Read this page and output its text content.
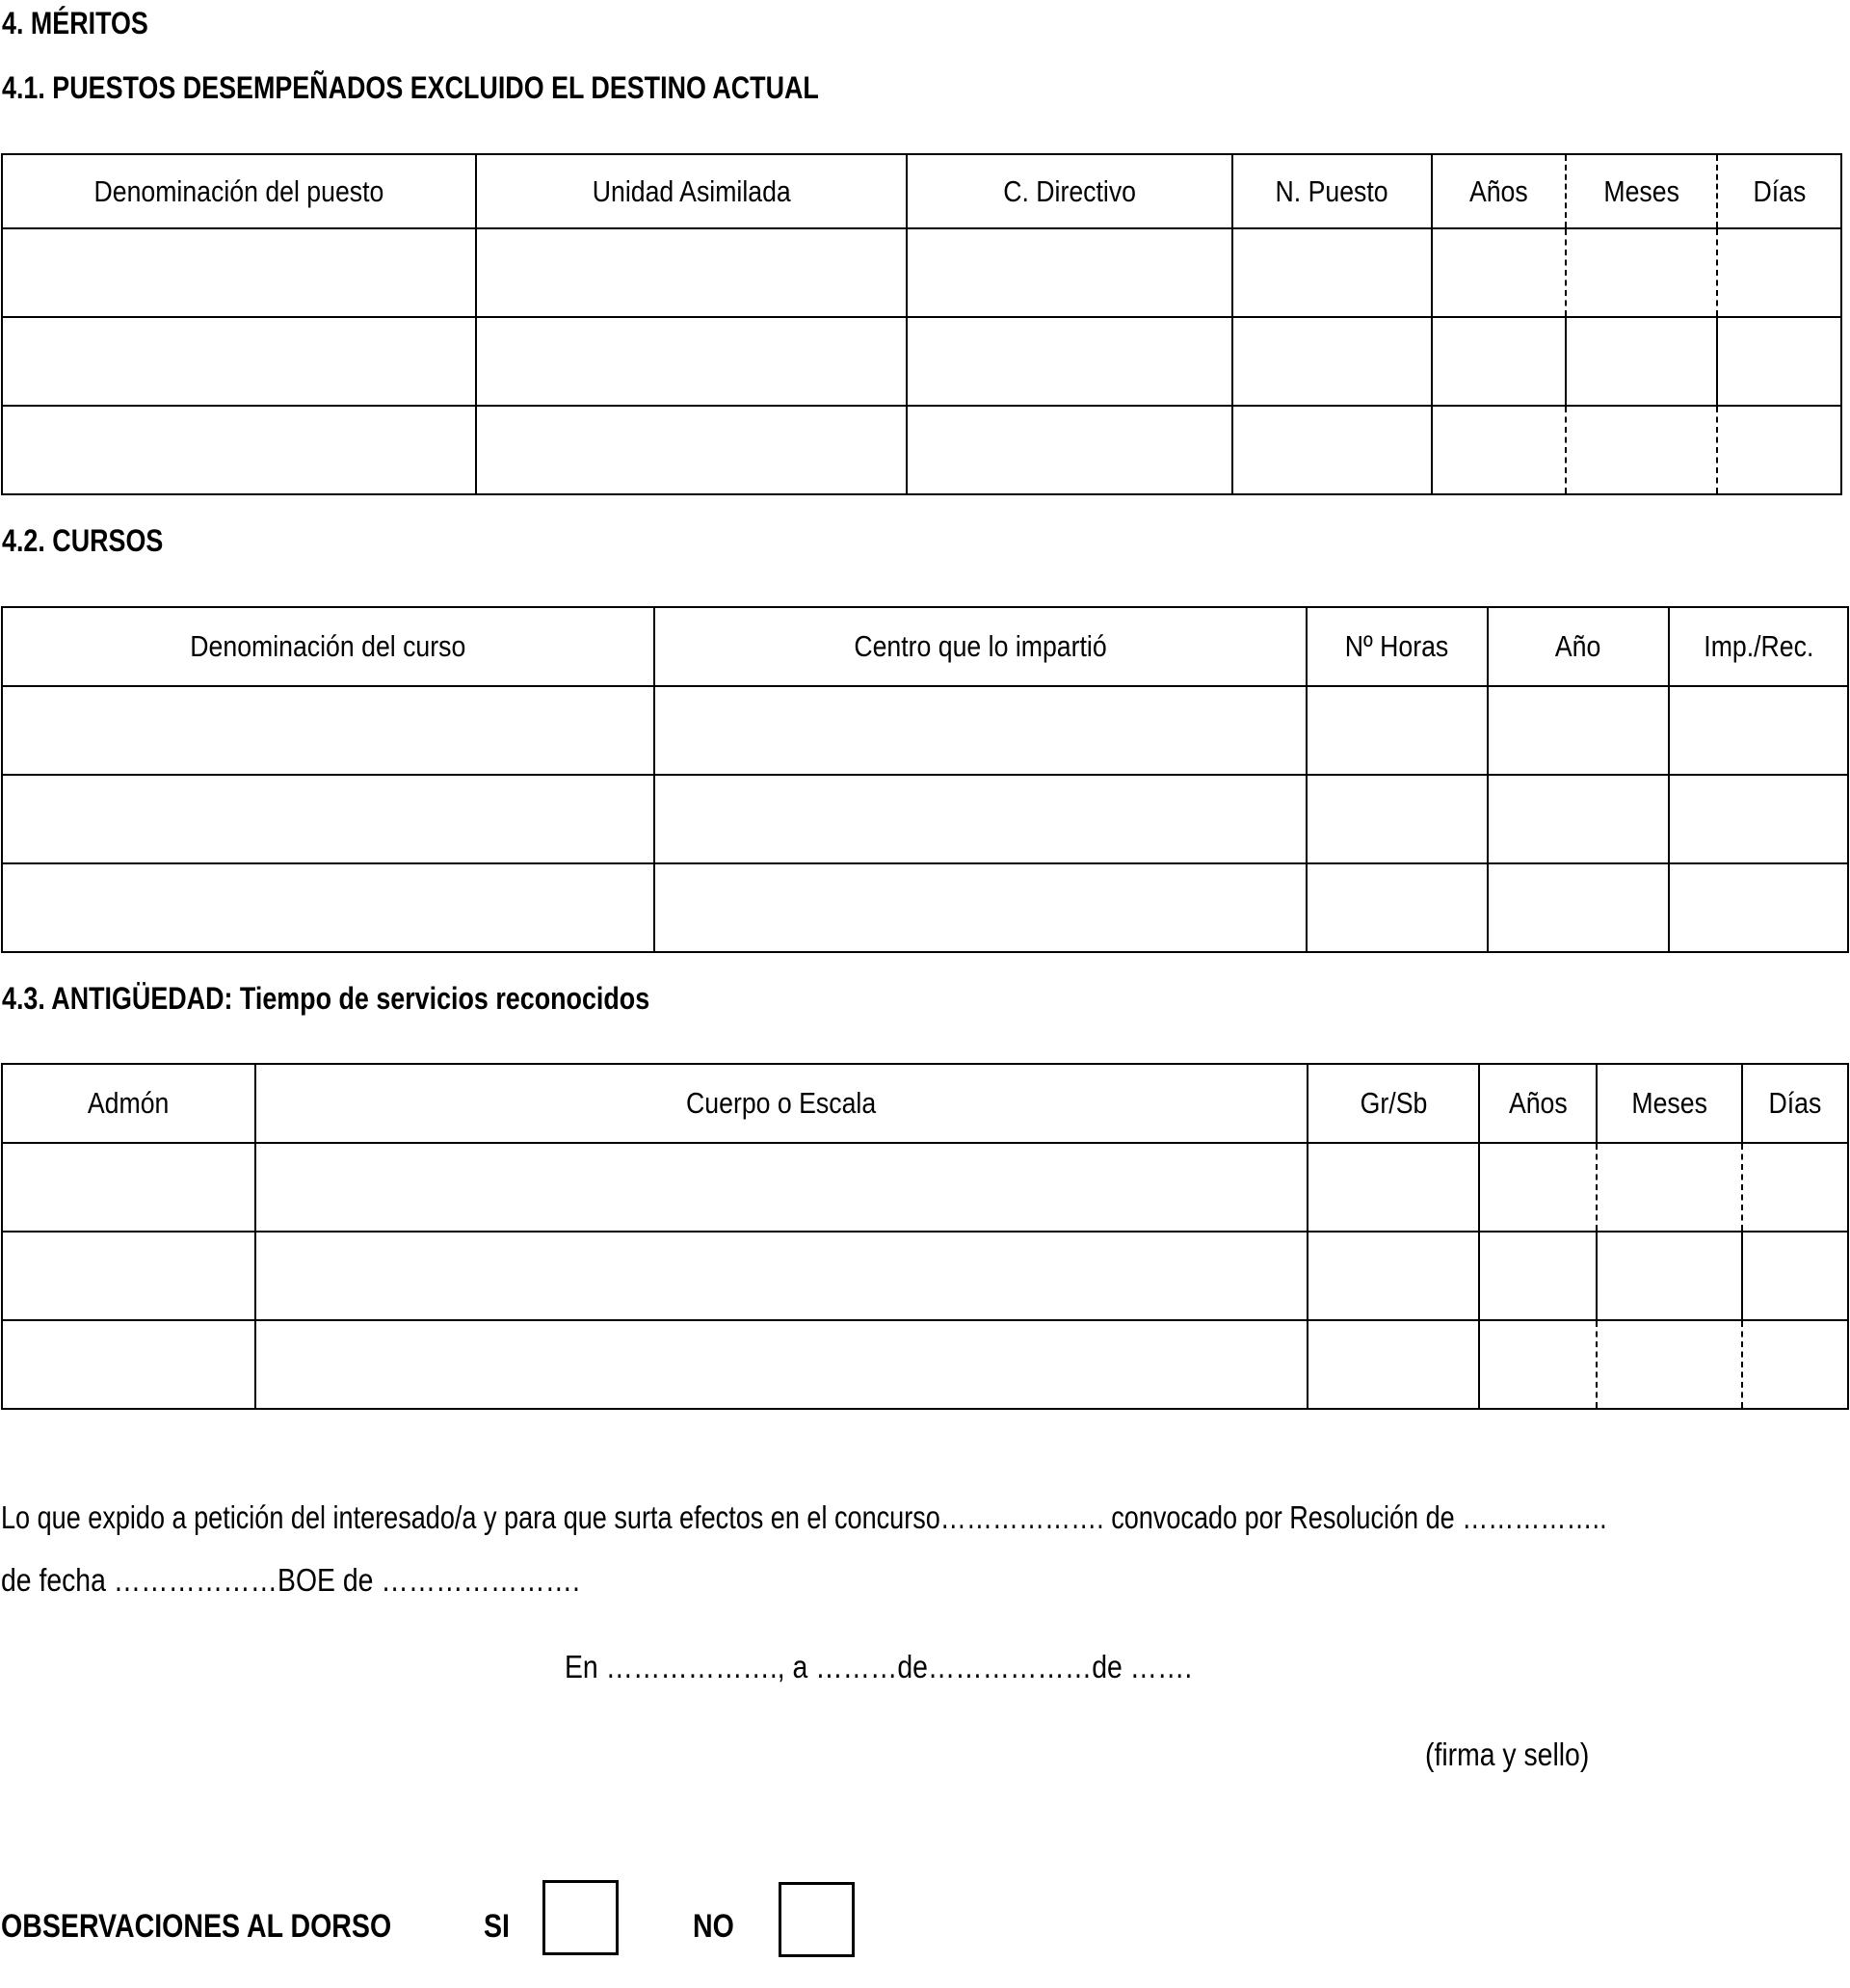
4. MÉRITOS
4.1. PUESTOS DESEMPEÑADOS EXCLUIDO EL DESTINO ACTUAL
Denominación del puesto	Unidad Asimilada	C. Directivo	N. Puesto	Años	Meses	Días

4.2. CURSOS
Denominación del curso	Centro que lo impartió	Nº Horas	Año	Imp./Rec.

4.3. ANTIGÜEDAD: Tiempo de servicios reconocidos
Admón	Cuerpo o Escala	Gr/Sb	Años	Meses	Días

Lo que expido a petición del interesado/a y para que surta efectos en el concurso………………. convocado por Resolución de ……………..
de fecha ………………BOE de ………………….
En ………………., a ………de………………de …….
(firma y sello)
OBSERVACIONES AL DORSO	SI	NO
